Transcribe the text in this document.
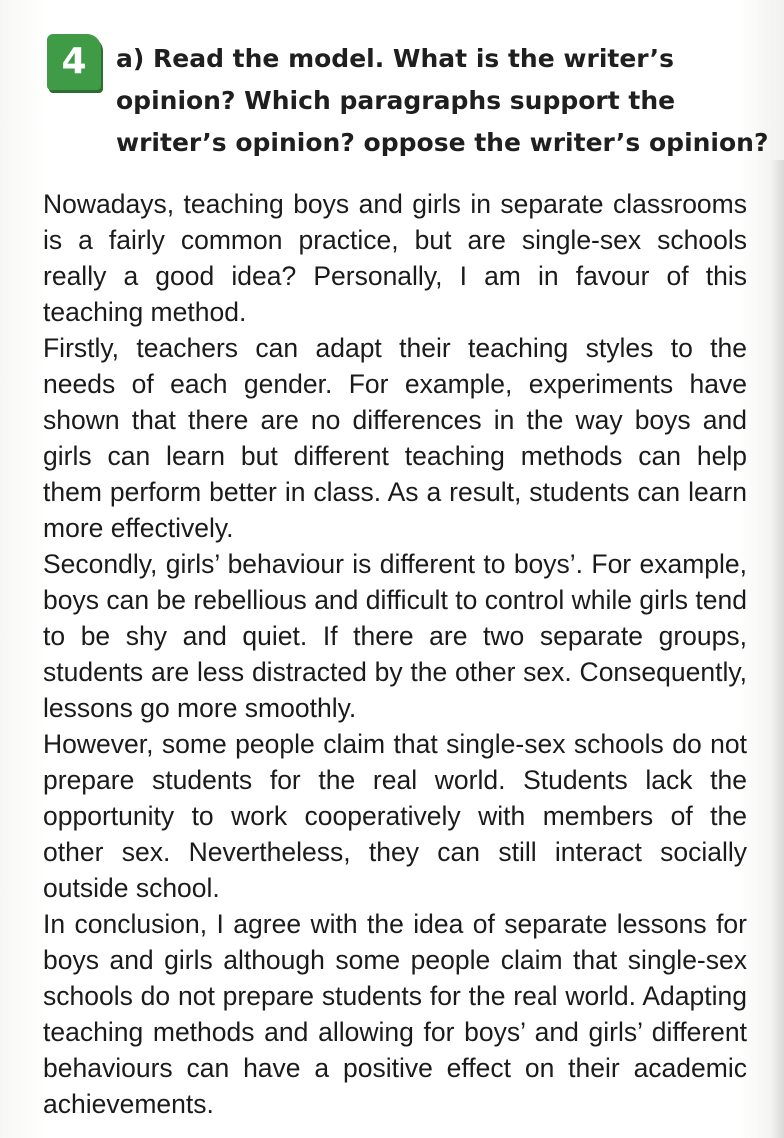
4	a) Read the model. What is the writer’s
opinion? Which paragraphs support the
writer’s opinion? oppose the writer’s opinion?

Nowadays, teaching boys and girls in separate classrooms
is a fairly common practice, but are single-sex schools
really a good idea? Personally, I am in favour of this
teaching method.

Firstly, teachers can adapt their teaching styles to the
needs of each gender. For example, experiments have
shown that there are no differences in the way boys and
girls can learn but different teaching methods can help
them perform better in class. As a result, students can learn
more effectively.

Secondly, girls’ behaviour is different to boys’. For example,
boys can be rebellious and difficult to control while girls tend
to be shy and quiet. If there are two separate groups,
students are less distracted by the other sex. Consequently,
lessons go more smoothly.

However, some people claim that single-sex schools do not
prepare students for the real world. Students lack the
opportunity to work cooperatively with members of the
other sex. Nevertheless, they can still interact socially
outside school.

In conclusion, I agree with the idea of separate lessons for
boys and girls although some people claim that single-sex
schools do not prepare students for the real world. Adapting
teaching methods and allowing for boys’ and girls’ different
behaviours can have a positive effect on their academic
achievements.
